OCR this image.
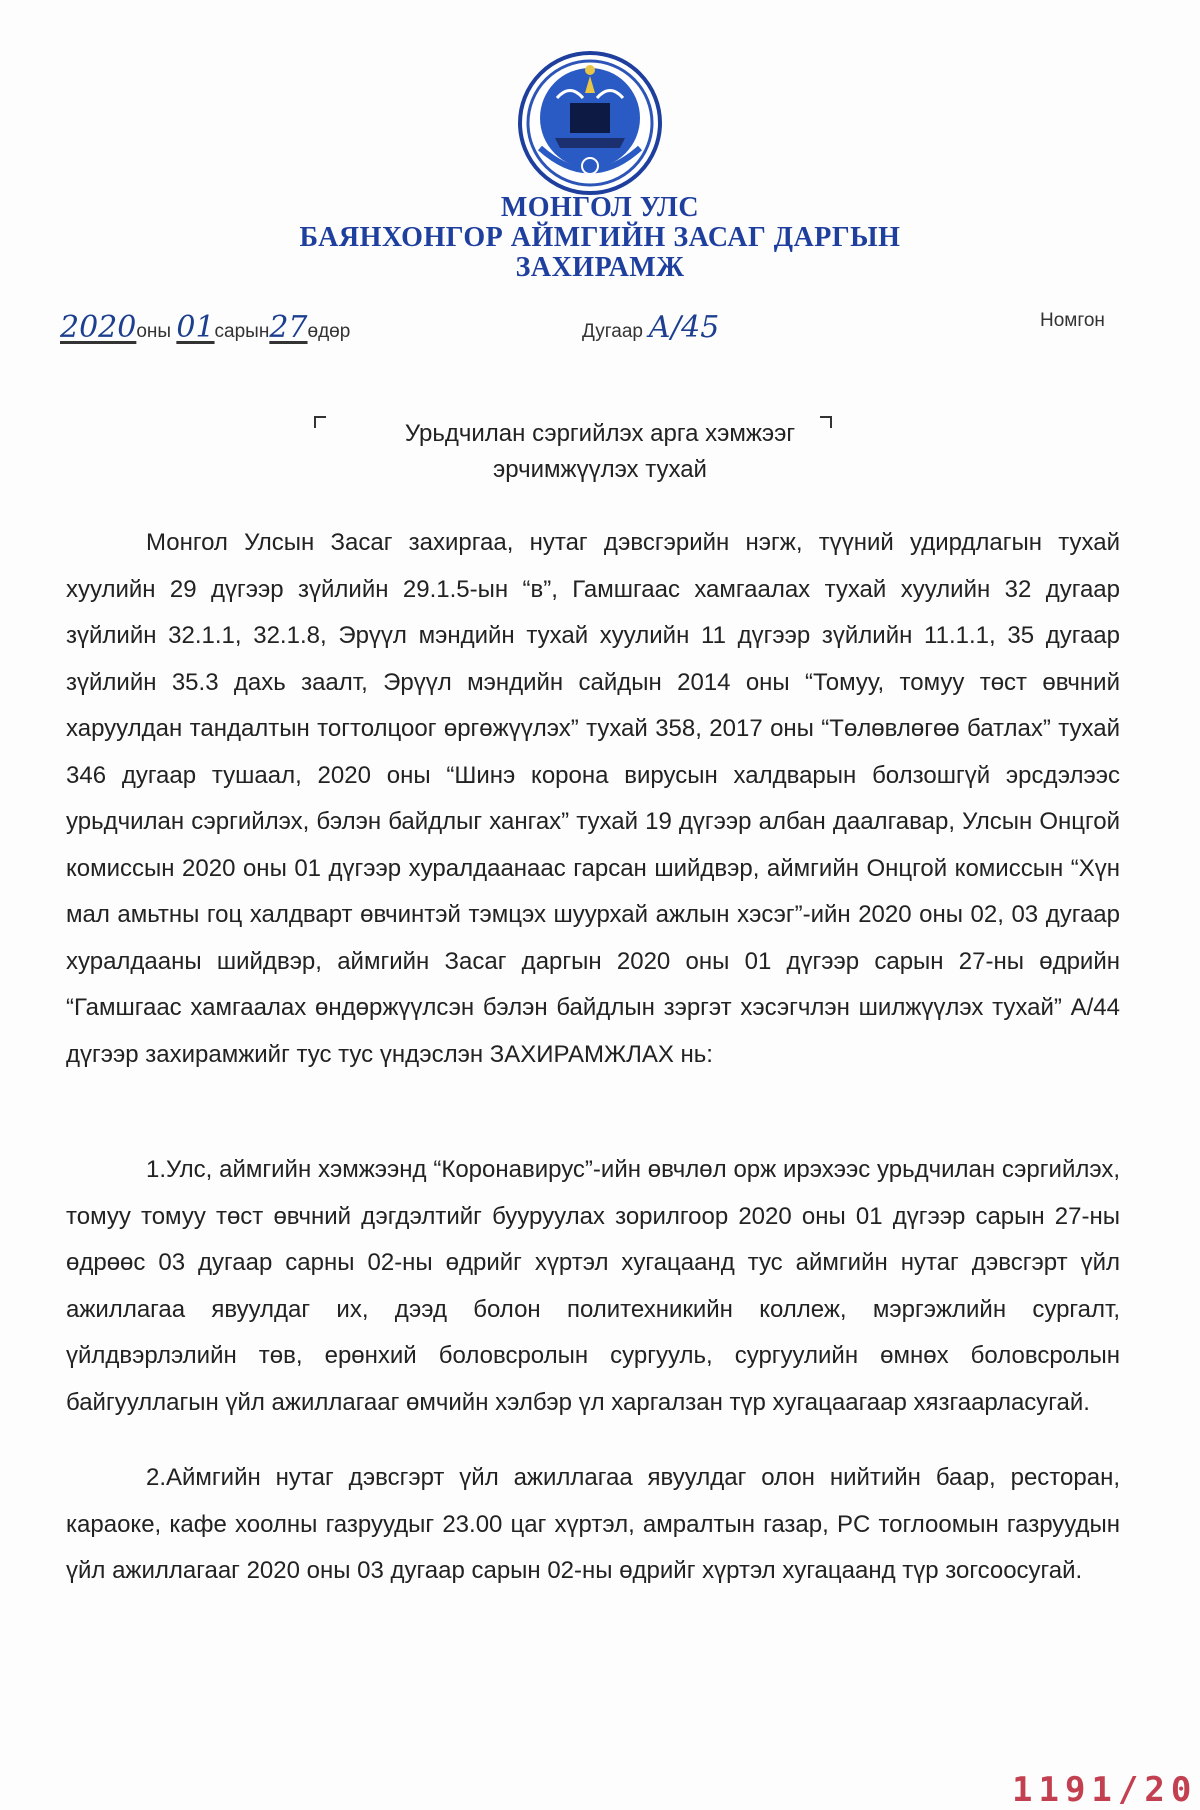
МОНГОЛ УЛС
БАЯНХОНГОР АЙМГИЙН ЗАСАГ ДАРГЫН
ЗАХИРАМЖ
2020оны 01сарын27өдөр	Дугаар А/45	Номгон
Урьдчилан сэргийлэх арга хэмжээг
эрчимжүүлэх тухай

Монгол Улсын Засаг захиргаа, нутаг дэвсгэрийн нэгж, түүний удирдлагын тухай хуулийн 29 дүгээр зүйлийн 29.1.5-ын “в”, Гамшгаас хамгаалах тухай хуулийн 32 дугаар зүйлийн 32.1.1, 32.1.8, Эрүүл мэндийн тухай хуулийн 11 дүгээр зүйлийн 11.1.1, 35 дугаар зүйлийн 35.3 дахь заалт, Эрүүл мэндийн сайдын 2014 оны “Томуу, томуу төст өвчний харуулдан тандалтын тогтолцоог өргөжүүлэх” тухай 358, 2017 оны “Төлөвлөгөө батлах” тухай 346 дугаар тушаал, 2020 оны “Шинэ корона вирусын халдварын болзошгүй эрсдэлээс урьдчилан сэргийлэх, бэлэн байдлыг хангах” тухай 19 дүгээр албан даалгавар, Улсын Онцгой комиссын 2020 оны 01 дүгээр хуралдаанаас гарсан шийдвэр, аймгийн Онцгой комиссын “Хүн мал амьтны гоц халдварт өвчинтэй тэмцэх шуурхай ажлын хэсэг”-ийн 2020 оны 02, 03 дугаар хуралдааны шийдвэр, аймгийн Засаг даргын 2020 оны 01 дүгээр сарын 27-ны өдрийн “Гамшгаас хамгаалах өндөржүүлсэн бэлэн байдлын зэргэт хэсэгчлэн шилжүүлэх тухай” А/44 дүгээр захирамжийг тус тус үндэслэн ЗАХИРАМЖЛАХ нь:

1.Улс, аймгийн хэмжээнд “Коронавирус”-ийн өвчлөл орж ирэхээс урьдчилан сэргийлэх, томуу томуу төст өвчний дэгдэлтийг бууруулах зорилгоор 2020 оны 01 дүгээр сарын 27-ны өдрөөс 03 дугаар сарны 02-ны өдрийг хүртэл хугацаанд тус аймгийн нутаг дэвсгэрт үйл ажиллагаа явуулдаг их, дээд болон политехникийн коллеж, мэргэжлийн сургалт, үйлдвэрлэлийн төв, ерөнхий боловсролын сургууль, сургуулийн өмнөх боловсролын байгууллагын үйл ажиллагааг өмчийн хэлбэр үл харгалзан түр хугацаагаар хязгаарласугай.

2.Аймгийн нутаг дэвсгэрт үйл ажиллагаа явуулдаг олон нийтийн баар, ресторан, караоке, кафе хоолны газруудыг 23.00 цаг хүртэл, амралтын газар, PC тоглоомын газруудын үйл ажиллагааг 2020 оны 03 дугаар сарын 02-ны өдрийг хүртэл хугацаанд түр зогсоосугай.

1191/20
